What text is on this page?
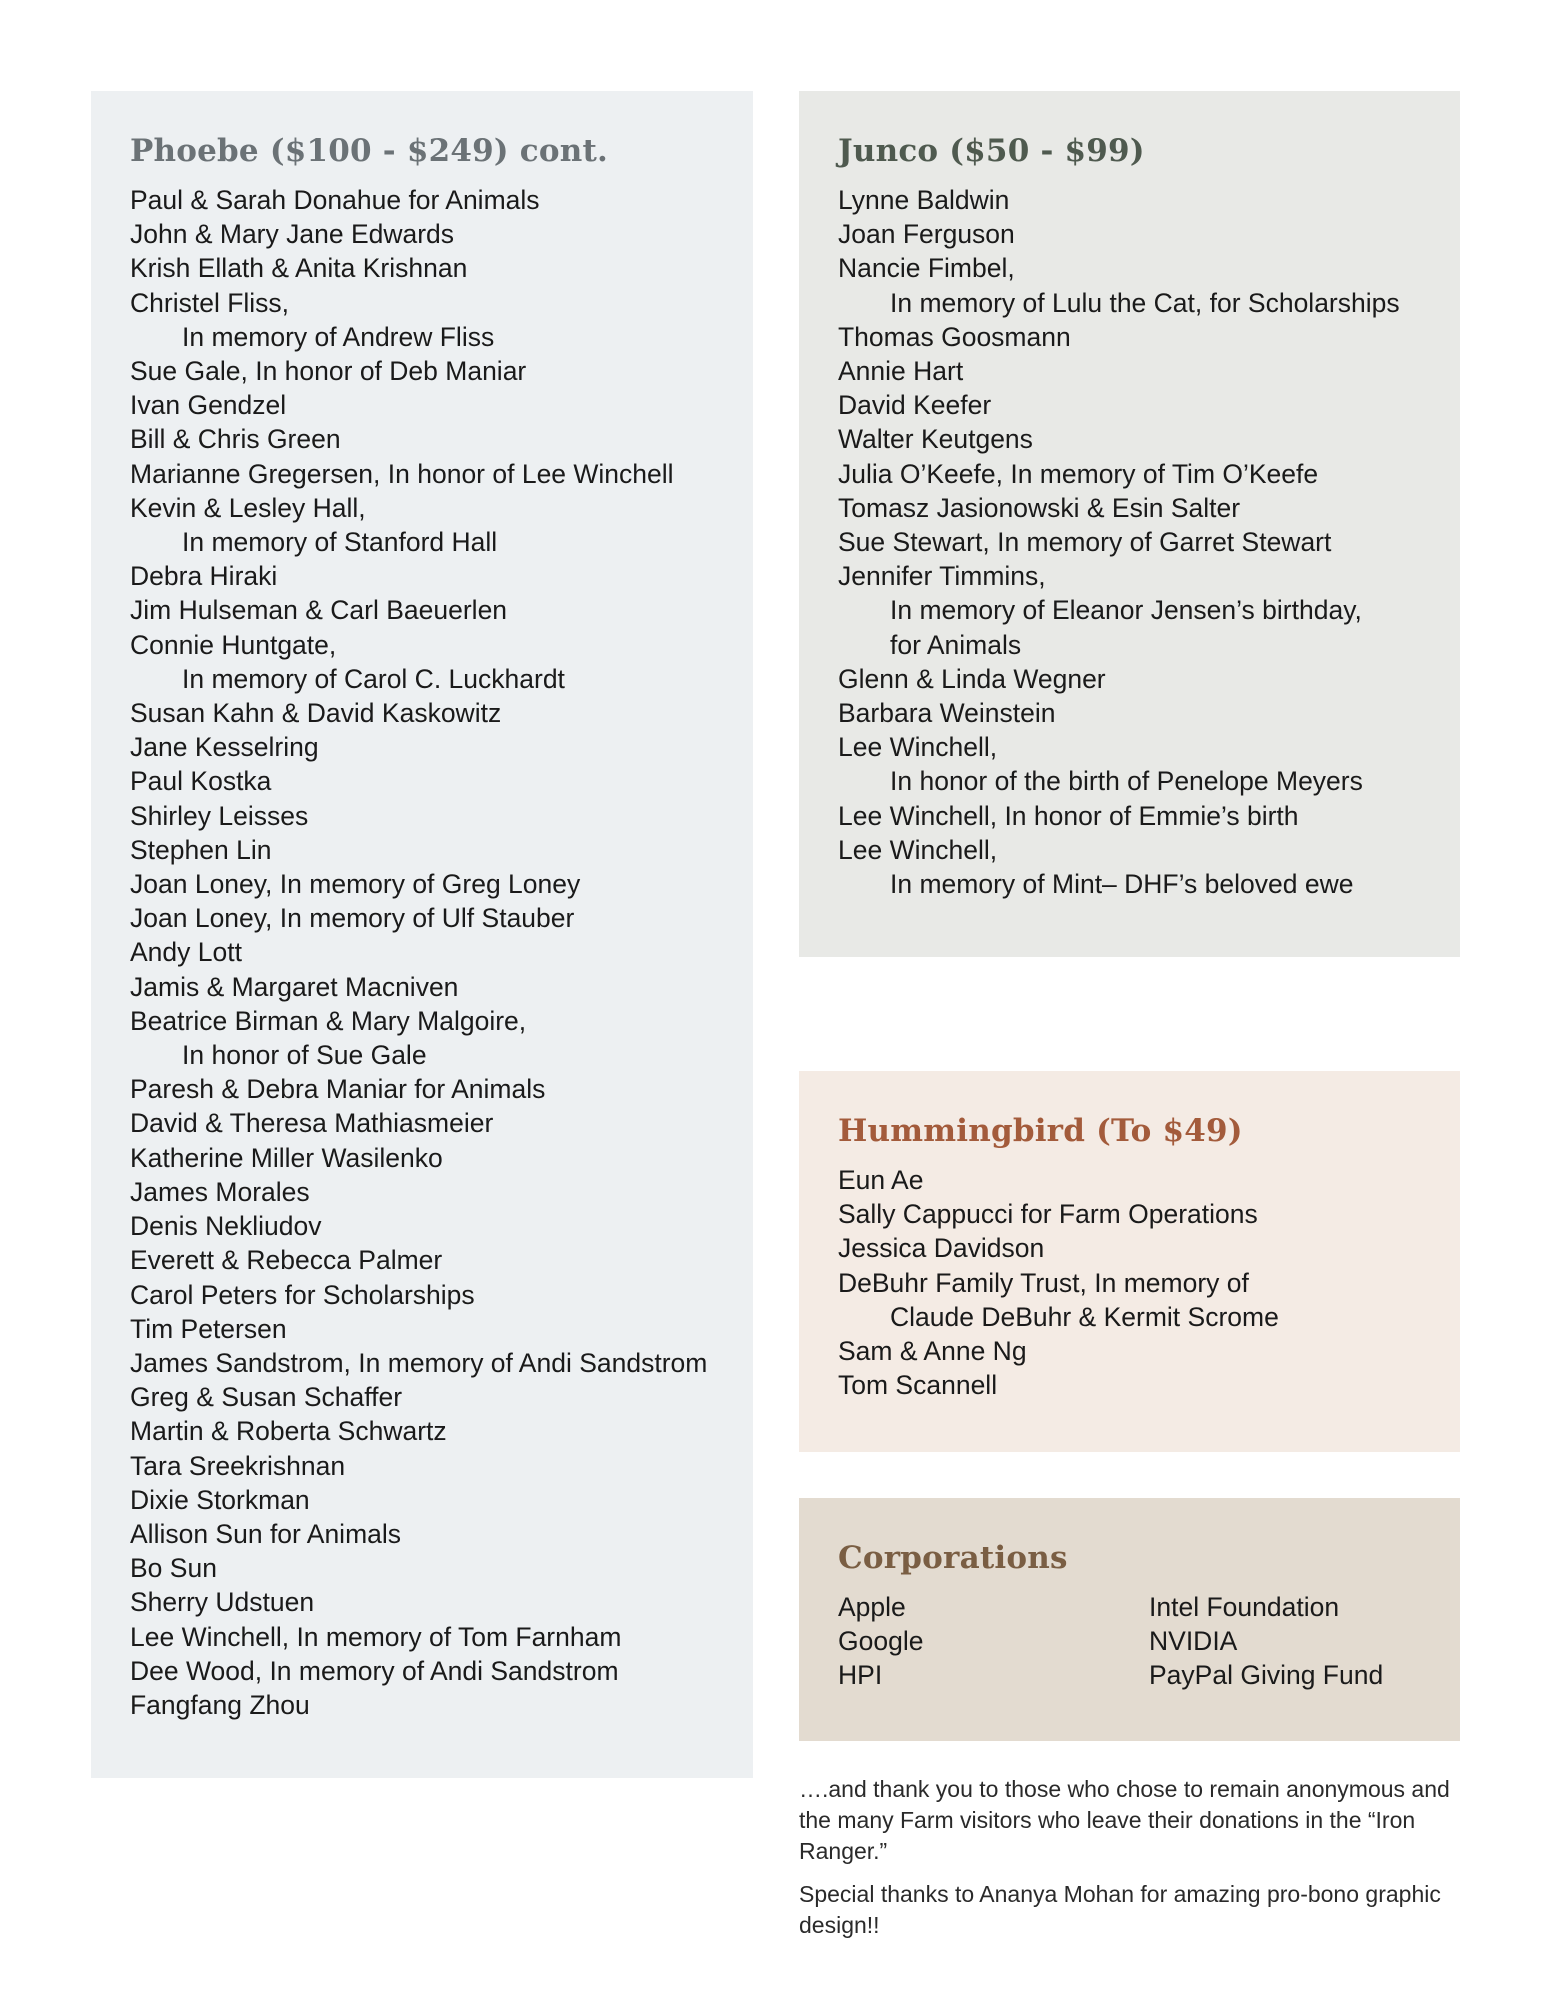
Phoebe ($100 - $249) cont.
Paul & Sarah Donahue for Animals
John & Mary Jane Edwards
Krish Ellath & Anita Krishnan
Christel Fliss,
In memory of Andrew Fliss
Sue Gale, In honor of Deb Maniar
Ivan Gendzel
Bill & Chris Green
Marianne Gregersen, In honor of Lee Winchell
Kevin & Lesley Hall,
In memory of Stanford Hall
Debra Hiraki
Jim Hulseman & Carl Baeuerlen
Connie Huntgate,
In memory of Carol C. Luckhardt
Susan Kahn & David Kaskowitz
Jane Kesselring
Paul Kostka
Shirley Leisses
Stephen Lin
Joan Loney, In memory of Greg Loney
Joan Loney, In memory of Ulf Stauber
Andy Lott
Jamis & Margaret Macniven
Beatrice Birman & Mary Malgoire,
In honor of Sue Gale
Paresh & Debra Maniar for Animals
David & Theresa Mathiasmeier
Katherine Miller Wasilenko
James Morales
Denis Nekliudov
Everett & Rebecca Palmer
Carol Peters for Scholarships
Tim Petersen
James Sandstrom, In memory of Andi Sandstrom
Greg & Susan Schaffer
Martin & Roberta Schwartz
Tara Sreekrishnan
Dixie Storkman
Allison Sun for Animals
Bo Sun
Sherry Udstuen
Lee Winchell, In memory of Tom Farnham
Dee Wood, In memory of Andi Sandstrom
Fangfang Zhou
Junco ($50 - $99)
Lynne Baldwin
Joan Ferguson
Nancie Fimbel,
In memory of Lulu the Cat, for Scholarships
Thomas Goosmann
Annie Hart
David Keefer
Walter Keutgens
Julia O’Keefe, In memory of Tim O’Keefe
Tomasz Jasionowski & Esin Salter
Sue Stewart, In memory of Garret Stewart
Jennifer Timmins,
In memory of Eleanor Jensen’s birthday,
for Animals
Glenn & Linda Wegner
Barbara Weinstein
Lee Winchell,
In honor of the birth of Penelope Meyers
Lee Winchell, In honor of Emmie’s birth
Lee Winchell,
In memory of Mint– DHF’s beloved ewe
Hummingbird (To $49)
Eun Ae
Sally Cappucci for Farm Operations
Jessica Davidson
DeBuhr Family Trust, In memory of
Claude DeBuhr & Kermit Scrome
Sam & Anne Ng
Tom Scannell
Corporations
Apple
Google
HPI
Intel Foundation
NVIDIA
PayPal Giving Fund

….and thank you to those who chose to remain anonymous and the many Farm visitors who leave their donations in the “Iron Ranger.”

Special thanks to Ananya Mohan for amazing pro-bono graphic design!!
